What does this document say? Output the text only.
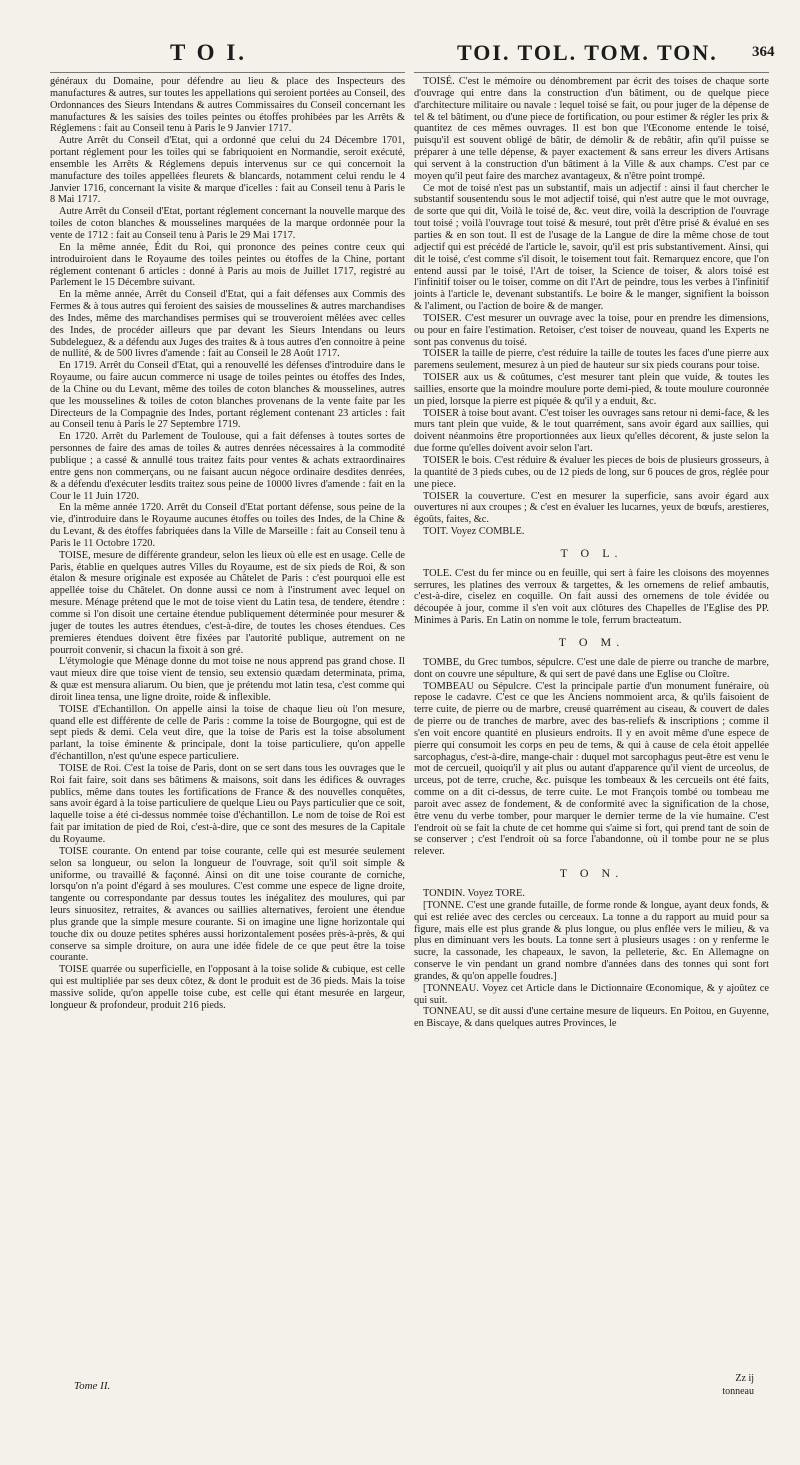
T O I.	TOI. TOL. TOM. TON. 364

généraux du Domaine, pour défendre au lieu & place des Inspecteurs des manufactures & autres, sur toutes les appellations qui seroient portées au Conseil, des Ordonnances des Sieurs Intendans & autres Commissaires du Conseil concernant les manufactures & les saisies des toiles peintes ou étoffes prohibées par les Arrêts & Réglemens : fait au Conseil tenu à Paris le 9 Janvier 1717.

Autre Arrêt du Conseil d'Etat, qui a ordonné que celui du 24 Décembre 1701, portant réglement pour les toiles qui se fabriquoient en Normandie, seroit exécuté, ensemble les Arrêts & Réglemens depuis intervenus sur ce qui concernoit la manufacture des toiles appellées fleurets & blancards, notamment celui rendu le 4 Janvier 1716, concernant la visite & marque d'icelles : fait au Conseil tenu à Paris le 8 Mai 1717.

Autre Arrêt du Conseil d'Etat, portant réglement concernant la nouvelle marque des toiles de coton blanches & mousselines marquées de la marque ordonnée pour la vente de 1712 : fait au Conseil tenu à Paris le 29 Mai 1717.

En la même année, Édit du Roi, qui prononce des peines contre ceux qui introduiroient dans le Royaume des toiles peintes ou étoffes de la Chine, portant réglement contenant 6 articles : donné à Paris au mois de Juillet 1717, registré au Parlement le 15 Décembre suivant.

En la même année, Arrêt du Conseil d'Etat, qui a fait défenses aux Commis des Fermes & à tous autres qui feroient des saisies de mousselines & autres marchandises des Indes, même des marchandises permises qui se trouveroient mêlées avec celles des Indes, de procéder ailleurs que par devant les Sieurs Intendans ou leurs Subdeleguez, & a défendu aux Juges des traites & à tous autres d'en connoitre à peine de nullité, & de 500 livres d'amende : fait au Conseil le 28 Août 1717.

En 1719. Arrêt du Conseil d'Etat, qui a renouvellé les défenses d'introduire dans le Royaume, ou faire aucun commerce ni usage de toiles peintes ou étoffes des Indes, de la Chine ou du Levant, même des toiles de coton blanches & mousselines, autres que les mousselines & toiles de coton blanches provenans de la vente faite par les Directeurs de la Compagnie des Indes, portant réglement contenant 23 articles : fait au Conseil tenu à Paris le 27 Septembre 1719.

En 1720. Arrêt du Parlement de Toulouse, qui a fait défenses à toutes sortes de personnes de faire des amas de toiles & autres denrées nécessaires à la commodité publique ; a cassé & annullé tous traitez faits pour ventes & achats extraordinaires entre gens non commerçans, ou ne faisant aucun négoce ordinaire desdites denrées, & a défendu d'exécuter lesdits traitez sous peine de 10000 livres d'amende : fait en la Cour le 11 Juin 1720.

En la même année 1720. Arrêt du Conseil d'Etat portant défense, sous peine de la vie, d'introduire dans le Royaume aucunes étoffes ou toiles des Indes, de la Chine & du Levant, & des étoffes fabriquées dans la Ville de Marseille : fait au Conseil tenu à Paris le 11 Octobre 1720.

TOISE, mesure de différente grandeur, selon les lieux où elle est en usage. Celle de Paris, établie en quelques autres Villes du Royaume, est de six pieds de Roi, & son étalon & mesure originale est exposée au Châtelet de Paris : c'est pourquoi elle est appellée toise du Châtelet. On donne aussi ce nom à l'instrument avec lequel on mesure. Ménage prétend que le mot de toise vient du Latin tesa, de tendere, étendre : comme si l'on disoit une certaine étendue publiquement déterminée pour mesurer & juger de toutes les autres étendues, c'est-à-dire, de toutes les choses étendues. Ces premieres étendues doivent être fixées par l'autorité publique, autrement on ne pourroit convenir, si chacun la fixoit à son gré.

L'étymologie que Ménage donne du mot toise ne nous apprend pas grand chose. Il vaut mieux dire que toise vient de tensio, seu extensio quædam determinata, prima, & quæ est mensura aliarum. Ou bien, que je prétendu mot latin tesa, c'est comme qui diroit linea tensa, une ligne droite, roide & inflexible.

TOISE d'Echantillon. On appelle ainsi la toise de chaque lieu où l'on mesure, quand elle est différente de celle de Paris : comme la toise de Bourgogne, qui est de sept pieds & demi. Cela veut dire, que la toise de Paris est la toise absolument parlant, la toise éminente & principale, dont la toise particuliere, qu'on appelle d'échantillon, n'est qu'une espece particuliere.

TOISE de Roi. C'est la toise de Paris, dont on se sert dans tous les ouvrages que le Roi fait faire, soit dans ses bâtimens & maisons, soit dans les édifices & ouvrages publics, même dans toutes les fortifications de France & des nouvelles conquêtes, sans avoir égard à la toise particuliere de quelque Lieu ou Pays particulier que ce soit, laquelle toise a été ci-dessus nommée toise d'échantillon. Le nom de toise de Roi est fait par imitation de pied de Roi, c'est-à-dire, que ce sont des mesures de la Capitale du Royaume.

TOISE courante. On entend par toise courante, celle qui est mesurée seulement selon sa longueur, ou selon la longueur de l'ouvrage, soit qu'il soit simple & uniforme, ou travaillé & façonné. Ainsi on dit une toise courante de corniche, lorsqu'on n'a point d'égard à ses moulures. C'est comme une espece de ligne droite, tangente ou correspondante par dessus toutes les inégalitez des moulures, qui par leurs sinuositez, retraites, & avances ou saillies alternatives, feroient une étendue plus grande que la simple mesure courante. Si on imagine une ligne horizontale qui touche dix ou douze petites sphéres aussi horizontalement posées près-à-près, & qui conserve sa simple droiture, on aura une idée fidele de ce que peut être la toise courante.

TOISE quarrée ou superficielle, en l'opposant à la toise solide & cubique, est celle qui est multipliée par ses deux côtez, & dont le produit est de 36 pieds. Mais la toise massive solide, qu'on appelle toise cube, est celle qui étant mesurée en largeur, longueur & profondeur, produit 216 pieds.

TOISÉ. C'est le mémoire ou dénombrement par écrit des toises de chaque sorte d'ouvrage qui entre dans la construction d'un bâtiment, ou de quelque piece d'architecture militaire ou navale : lequel toisé se fait, ou pour juger de la dépense de tel & tel bâtiment, ou d'une piece de fortification, ou pour estimer & régler les prix & quantitez de ces mêmes ouvrages. Il est bon que l'Œconome entende le toisé, puisqu'il est souvent obligé de bâtir, de démolir & de rebâtir, afin qu'il puisse se préparer à une telle dépense, & payer exactement & sans erreur les divers Artisans qui servent à la construction d'un bâtiment à la Ville & aux champs. C'est par ce moyen qu'il peut faire des marchez avantageux, & n'être point trompé.

Ce mot de toisé n'est pas un substantif, mais un adjectif : ainsi il faut chercher le substantif sousentendu sous le mot adjectif toisé, qui n'est autre que le mot ouvrage, de sorte que qui dit, Voilà le toisé de, &c. veut dire, voilà la description de l'ouvrage tout toisé ; voilà l'ouvrage tout toisé & mesuré, tout prêt d'être prisé & évalué en ses parties & en son tout. Il est de l'usage de la Langue de dire la même chose de tout adjectif qui est précédé de l'article le, savoir, qu'il est pris substantivement. Ainsi, qui dit le toisé, c'est comme s'il disoit, le toisement tout fait. Remarquez encore, que l'on entend aussi par le toisé, l'Art de toiser, la Science de toiser, & alors toisé est l'infinitif toiser ou le toiser, comme on dit l'Art de peindre, tous les verbes à l'infinitif joints à l'article le, devenant substantifs. Le boire & le manger, signifient la boisson & l'aliment, ou l'action de boire & de manger.

TOISER. C'est mesurer un ouvrage avec la toise, pour en prendre les dimensions, ou pour en faire l'estimation. Retoiser, c'est toiser de nouveau, quand les Experts ne sont pas convenus du toisé.

TOISER la taille de pierre, c'est réduire la taille de toutes les faces d'une pierre aux paremens seulement, mesurez à un pied de hauteur sur six pieds courans pour toise.

TOISER aux us & coûtumes, c'est mesurer tant plein que vuide, & toutes les saillies, ensorte que la moindre moulure porte demi-pied, & toute moulure couronnée un pied, lorsque la pierre est piquée & qu'il y a enduit, &c.

TOISER à toise bout avant. C'est toiser les ouvrages sans retour ni demi-face, & les murs tant plein que vuide, & le tout quarrément, sans avoir égard aux saillies, qui doivent néanmoins être proportionnées aux lieux qu'elles décorent, & juste selon la due forme qu'elles doivent avoir selon l'art.

TOISER le bois. C'est réduire & évaluer les pieces de bois de plusieurs grosseurs, à la quantité de 3 pieds cubes, ou de 12 pieds de long, sur 6 pouces de gros, réglée pour une piece.

TOISER la couverture. C'est en mesurer la superficie, sans avoir égard aux ouvertures ni aux croupes ; & c'est en évaluer les lucarnes, yeux de bœufs, arestieres, égoûts, faites, &c.

TOIT. Voyez COMBLE.

T O L.

TOLE. C'est du fer mince ou en feuille, qui sert à faire les cloisons des moyennes serrures, les platines des verroux & targettes, & les ornemens de relief ambautis, c'est-à-dire, ciselez en coquille. On fait aussi des ornemens de tole évidée ou découpée à jour, comme il s'en voit aux clôtures des Chapelles de l'Eglise des PP. Minimes à Paris. En Latin on nomme le tole, ferrum bracteatum.

T O M.

TOMBE, du Grec tumbos, sépulcre. C'est une dale de pierre ou tranche de marbre, dont on couvre une sépulture, & qui sert de pavé dans une Eglise ou Cloître.

TOMBEAU ou Sépulcre. C'est la principale partie d'un monument funéraire, où repose le cadavre. C'est ce que les Anciens nommoient arca, & qu'ils faisoient de terre cuite, de pierre ou de marbre, creusé quarrément au ciseau, & couvert de dales de pierre ou de tranches de marbre, avec des bas-reliefs & inscriptions ; comme il s'en voit encore quantité en plusieurs endroits. Il y en avoit même d'une espece de pierre qui consumoit les corps en peu de tems, & qui à cause de cela étoit appellée sarcophagus, c'est-à-dire, mange-chair : duquel mot sarcophagus peut-être est venu le mot de cercueil, quoiqu'il y ait plus ou autant d'apparence qu'il vient de urceolus, de urceus, pot de terre, cruche, &c. puisque les tombeaux & les cercueils ont été faits, comme on a dit ci-dessus, de terre cuite. Le mot François tombé ou tombeau me paroit avec assez de fondement, & de conformité avec la signification de la chose, être venu du verbe tomber, pour marquer le dernier terme de la vie humaine. C'est l'endroit où se fait la chute de cet homme qui s'aime si fort, qui prend tant de soin de se conserver ; c'est l'endroit où sa force l'abandonne, où il tombe pour ne se plus relever.

T O N.

TONDIN. Voyez TORE.

[TONNE. C'est une grande futaille, de forme ronde & longue, ayant deux fonds, & qui est reliée avec des cercles ou cerceaux. La tonne a du rapport au muid pour sa figure, mais elle est plus grande & plus longue, ou plus enflée vers le milieu, & va plus en diminuant vers les bouts. La tonne sert à plusieurs usages : on y renferme le sucre, la cassonade, les chapeaux, le savon, la pelleterie, &c. En Allemagne on conserve le vin pendant un grand nombre d'années dans des tonnes qui sont fort grandes, & qu'on appelle foudres.]

[TONNEAU. Voyez cet Article dans le Dictionnaire Œconomique, & y ajoûtez ce qui suit.

TONNEAU, se dit aussi d'une certaine mesure de liqueurs. En Poitou, en Guyenne, en Biscaye, & dans quelques autres Provinces, le

Tome II.
Zz ij
tonneau
